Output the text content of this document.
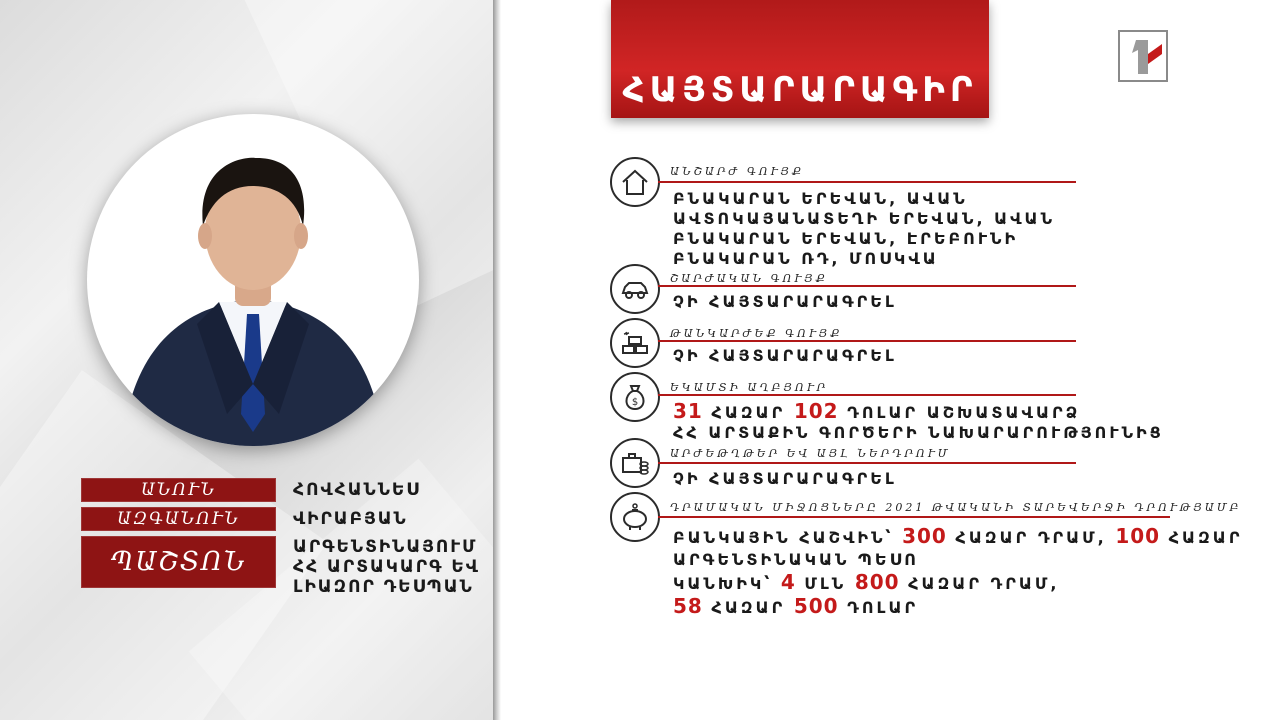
ԱՆՈՒՆ	ՀՈՎՀԱՆՆԵՍ
ԱԶԳԱՆՈՒՆ	ՎԻՐԱԲՅԱՆ
ՊԱՇՏՈՆ	ԱՐԳԵՆՏԻՆԱՅՈՒՄ
ՀՀ ԱՐՏԱԿԱՐԳ ԵՎ
ԼԻԱԶՈՐ ԴԵՍՊԱՆ
ՀԱՅՏԱՐԱՐԱԳԻՐ
ԱՆՇԱՐԺ ԳՈՒՅՔ
ԲՆԱԿԱՐԱՆ ԵՐԵՎԱՆ, ԱՎԱՆ
ԱՎՏՈԿԱՅԱՆԱՏԵՂԻ ԵՐԵՎԱՆ, ԱՎԱՆ
ԲՆԱԿԱՐԱՆ ԵՐԵՎԱՆ, ԷՐԵԲՈՒՆԻ
ԲՆԱԿԱՐԱՆ ՌԴ, ՄՈՍԿՎԱ
ՇԱՐԺԱԿԱՆ ԳՈՒՅՔ
ՉԻ ՀԱՅՏԱՐԱՐԱԳՐԵԼ
ԹԱՆԿԱՐԺԵՔ ԳՈՒՅՔ
ՉԻ ՀԱՅՏԱՐԱՐԱԳՐԵԼ
$
ԵԿԱՄՏԻ ԱՂԲՅՈՒՐ
31 ՀԱԶԱՐ 102 ԴՈԼԱՐ ԱՇԽԱՏԱՎԱՐՁ
ՀՀ ԱՐՏԱՔԻՆ ԳՈՐԾԵՐԻ ՆԱԽԱՐԱՐՈՒԹՅՈՒՆԻՑ
ԱՐԺԵԹՂԹԵՐ ԵՎ ԱՅԼ ՆԵՐԴՐՈՒՄ
ՉԻ ՀԱՅՏԱՐԱՐԱԳՐԵԼ
ԴՐԱՄԱԿԱՆ ՄԻՋՈՑՆԵՐԸ 2021 ԹՎԱԿԱՆԻ ՏԱՐԵՎԵՐՋԻ ԴՐՈՒԹՅԱՄԲ
ԲԱՆԿԱՅԻՆ ՀԱՇՎԻՆ՝ 300 ՀԱԶԱՐ ԴՐԱՄ, 100 ՀԱԶԱՐ
ԱՐԳԵՆՏԻՆԱԿԱՆ ՊԵՍՈ
ԿԱՆԽԻԿ՝ 4 ՄԼՆ 800 ՀԱԶԱՐ ԴՐԱՄ,
58 ՀԱԶԱՐ 500 ԴՈԼԱՐ
